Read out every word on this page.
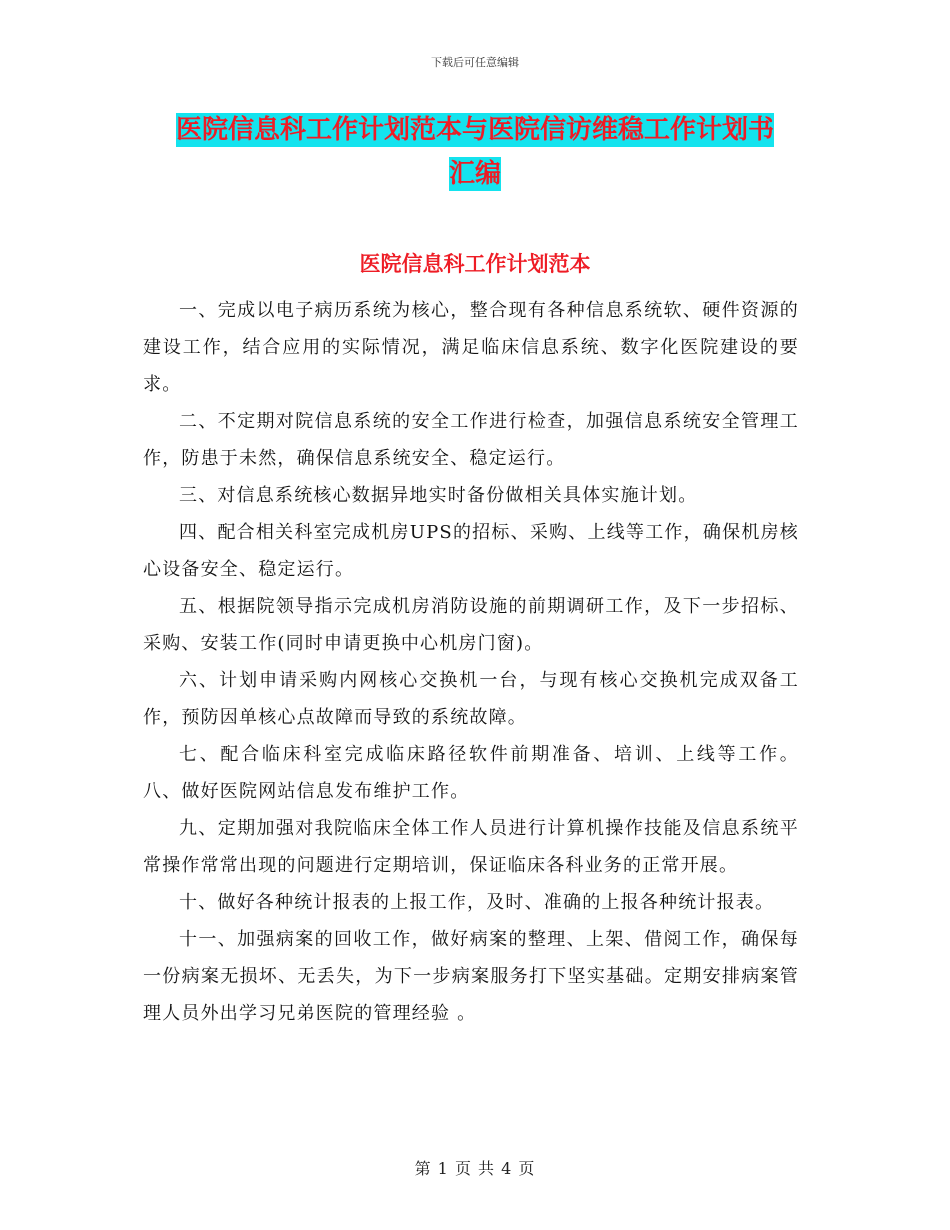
下载后可任意编辑
医院信息科工作计划范本与医院信访维稳工作计划书
汇编
医院信息科工作计划范本

一、完成以电子病历系统为核心，整合现有各种信息系统软、硬件资源的建设工作，结合应用的实际情况，满足临床信息系统、数字化医院建设的要求。

二、不定期对院信息系统的安全工作进行检查，加强信息系统安全管理工作，防患于未然，确保信息系统安全、稳定运行。

三、对信息系统核心数据异地实时备份做相关具体实施计划。

四、配合相关科室完成机房UPS的招标、采购、上线等工作，确保机房核心设备安全、稳定运行。

五、根据院领导指示完成机房消防设施的前期调研工作，及下一步招标、采购、安装工作(同时申请更换中心机房门窗)。

六、计划申请采购内网核心交换机一台，与现有核心交换机完成双备工作，预防因单核心点故障而导致的系统故障。

七、配合临床科室完成临床路径软件前期准备、培训、上线等工作。 八、做好医院网站信息发布维护工作。

九、定期加强对我院临床全体工作人员进行计算机操作技能及信息系统平常操作常常出现的问题进行定期培训，保证临床各科业务的正常开展。

十、做好各种统计报表的上报工作，及时、准确的上报各种统计报表。

十一、加强病案的回收工作，做好病案的整理、上架、借阅工作，确保每一份病案无损坏、无丢失，为下一步病案服务打下坚实基础。定期安排病案管理人员外出学习兄弟医院的管理经验 。

第 1 页 共 4 页
